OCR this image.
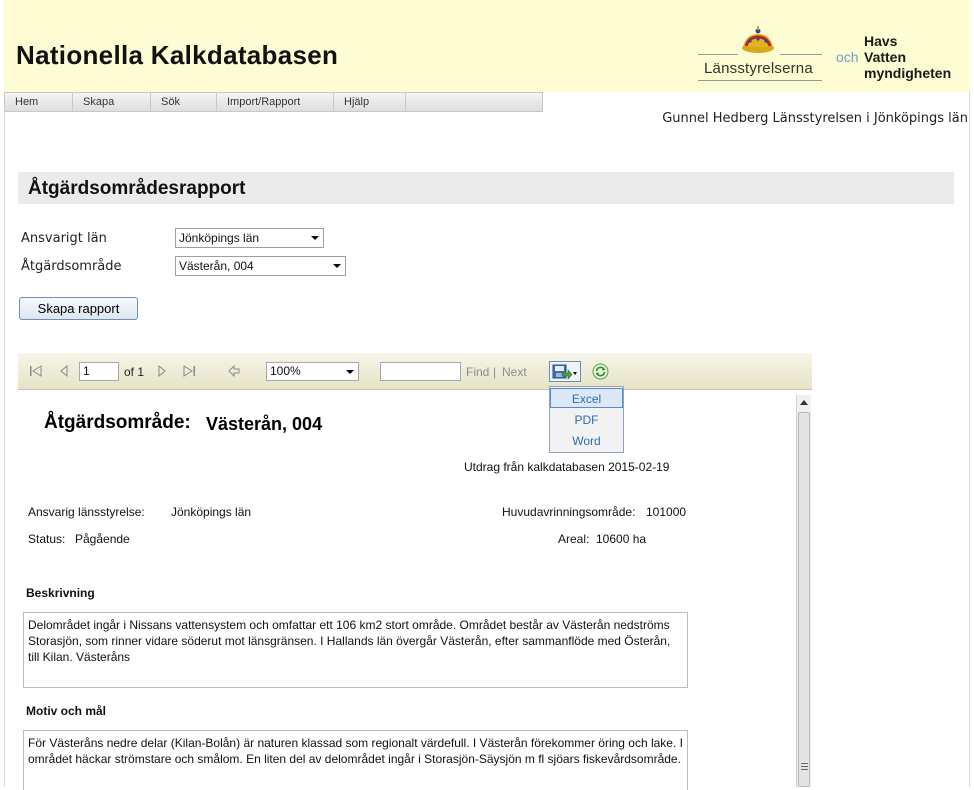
Nationella Kalkdatabasen	Länsstyrelserna
och
Havs
Vatten
myndigheten
Hem	Skapa	Sök	Import/Rapport	Hjälp
Gunnel Hedberg Länsstyrelsen i Jönköpings län
Åtgärdsområdesrapport
Ansvarigt län	Jönköpings län
Åtgärdsområde	Västerån, 004
Skapa rapport
1	of 1	100%	Find | Next
Åtgärdsområde: Västerån, 004
Utdrag från kalkdatabasen 2015-02-19
Ansvarig länsstyrelse: Jönköpings län	Huvudavrinningsområde: 101000
Status: Pågående	Areal: 10600 ha
Beskrivning
Delområdet ingår i Nissans vattensystem och omfattar ett 106 km2 stort område. Området består av Västerån nedströms Storasjön, som rinner vidare söderut mot länsgränsen. I Hallands län övergår Västerån, efter sammanflöde med Österån, till Kilan. Västeråns
Motiv och mål
För Västeråns nedre delar (Kilan-Bolån) är naturen klassad som regionalt värdefull. I Västerån förekommer öring och lake. I området häckar strömstare och smålom. En liten del av delområdet ingår i Storasjön-Säysjön m fl sjöars fiskevårdsområde.
Excel
PDF
Word
